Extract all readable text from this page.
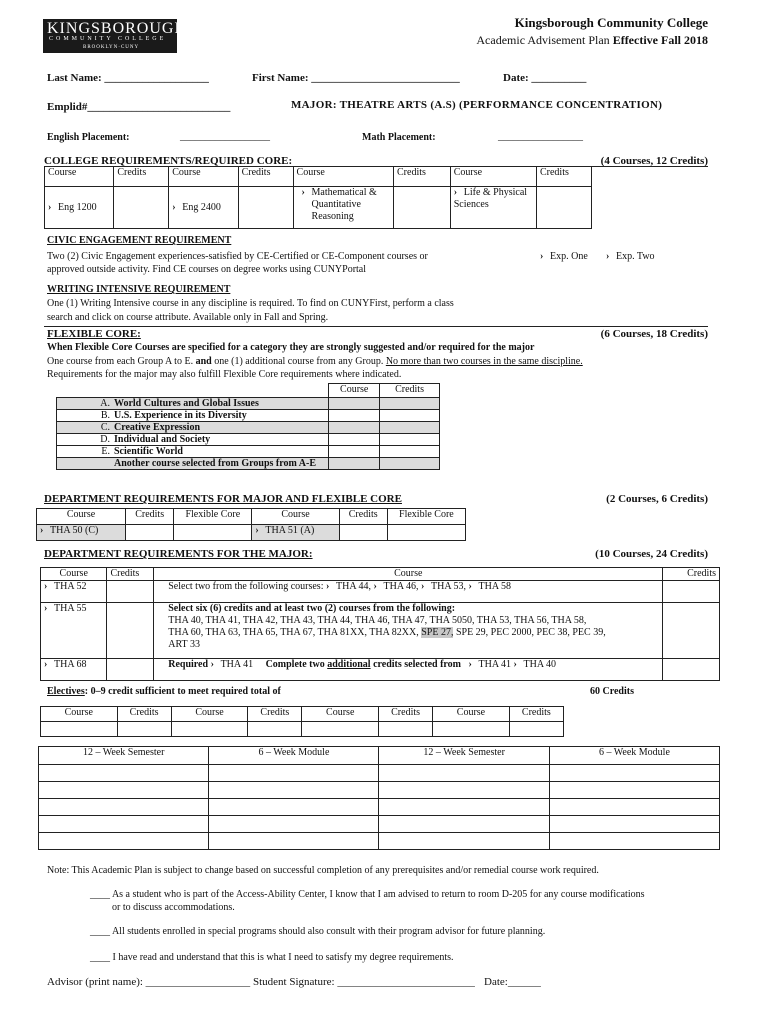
KINGSBOROUGH
COMMUNITY COLLEGE
BROOKLYN·CUNY
Kingsborough Community College
Academic Advisement Plan Effective Fall 2018
Last Name: ___________________	First Name: ___________________________	Date: __________
Emplid#__________________________	MAJOR: THEATRE ARTS (A.S) (PERFORMANCE CONCENTRATION)
English Placement:	__________________	Math Placement:	_________________
COLLEGE REQUIREMENTS/REQUIRED CORE:	(4 Courses, 12 Credits)
Course	Credits	Course	Credits	Course	Credits	Course	Credits
› Eng 1200		› Eng 2400		› Mathematical & Quantitative Reasoning		› Life & Physical Sciences	
CIVIC ENGAGEMENT REQUIREMENT
Two (2) Civic Engagement experiences-satisfied by CE-Certified or CE-Component courses or
approved outside activity. Find CE courses on degree works using CUNYPortal
› Exp. One › Exp. Two
WRITING INTENSIVE REQUIREMENT
One (1) Writing Intensive course in any discipline is required. To find on CUNYFirst, perform a class
search and click on course attribute. Available only in Fall and Spring.
FLEXIBLE CORE:	(6 Courses, 18 Credits)
When Flexible Core Courses are specified for a category they are strongly suggested and/or required for the major
One course from each Group A to E. and one (1) additional course from any Group. No more than two courses in the same discipline.
Requirements for the major may also fulfill Flexible Core requirements where indicated.
	Course	Credits
A. World Cultures and Global Issues		
B. U.S. Experience in its Diversity		
C. Creative Expression		
D. Individual and Society		
E. Scientific World		
Another course selected from Groups from A-E		
DEPARTMENT REQUIREMENTS FOR MAJOR AND FLEXIBLE CORE	(2 Courses, 6 Credits)
Course	Credits	Flexible Core	Course	Credits	Flexible Core
› THA 50 (C)			› THA 51 (A)		
DEPARTMENT REQUIREMENTS FOR THE MAJOR:	(10 Courses, 24 Credits)
Course	Credits	Course	Credits
› THA 52		Select two from the following courses: › THA 44, › THA 46, › THA 53, › THA 58	
› THA 55		Select six (6) credits and at least two (2) courses from the following:
THA 40, THA 41, THA 42, THA 43, THA 44, THA 46, THA 47, THA 5050, THA 53, THA 56, THA 58,
THA 60, THA 63, THA 65, THA 67, THA 81XX, THA 82XX, SPE 27, SPE 29, PEC 2000, PEC 38, PEC 39,
ART 33	

› THA 68		Required › THA 41 Complete two additional credits selected from › THA 41 › THA 40	
Electives: 0–9 credit sufficient to meet required total of	60 Credits
Course	Credits	Course	Credits	Course	Credits	Course	Credits

12 – Week Semester	6 – Week Module	12 – Week Semester	6 – Week Module

Note: This Academic Plan is subject to change based on successful completion of any prerequisites and/or remedial course work required.
____ As a student who is part of the Access-Ability Center, I know that I am advised to return to room D-205 for any course modifications
or to discuss accommodations.
____ All students enrolled in special programs should also consult with their program advisor for future planning.
____ I have read and understand that this is what I need to satisfy my degree requirements.
Advisor (print name): ___________________ Student Signature: _________________________ Date:______
